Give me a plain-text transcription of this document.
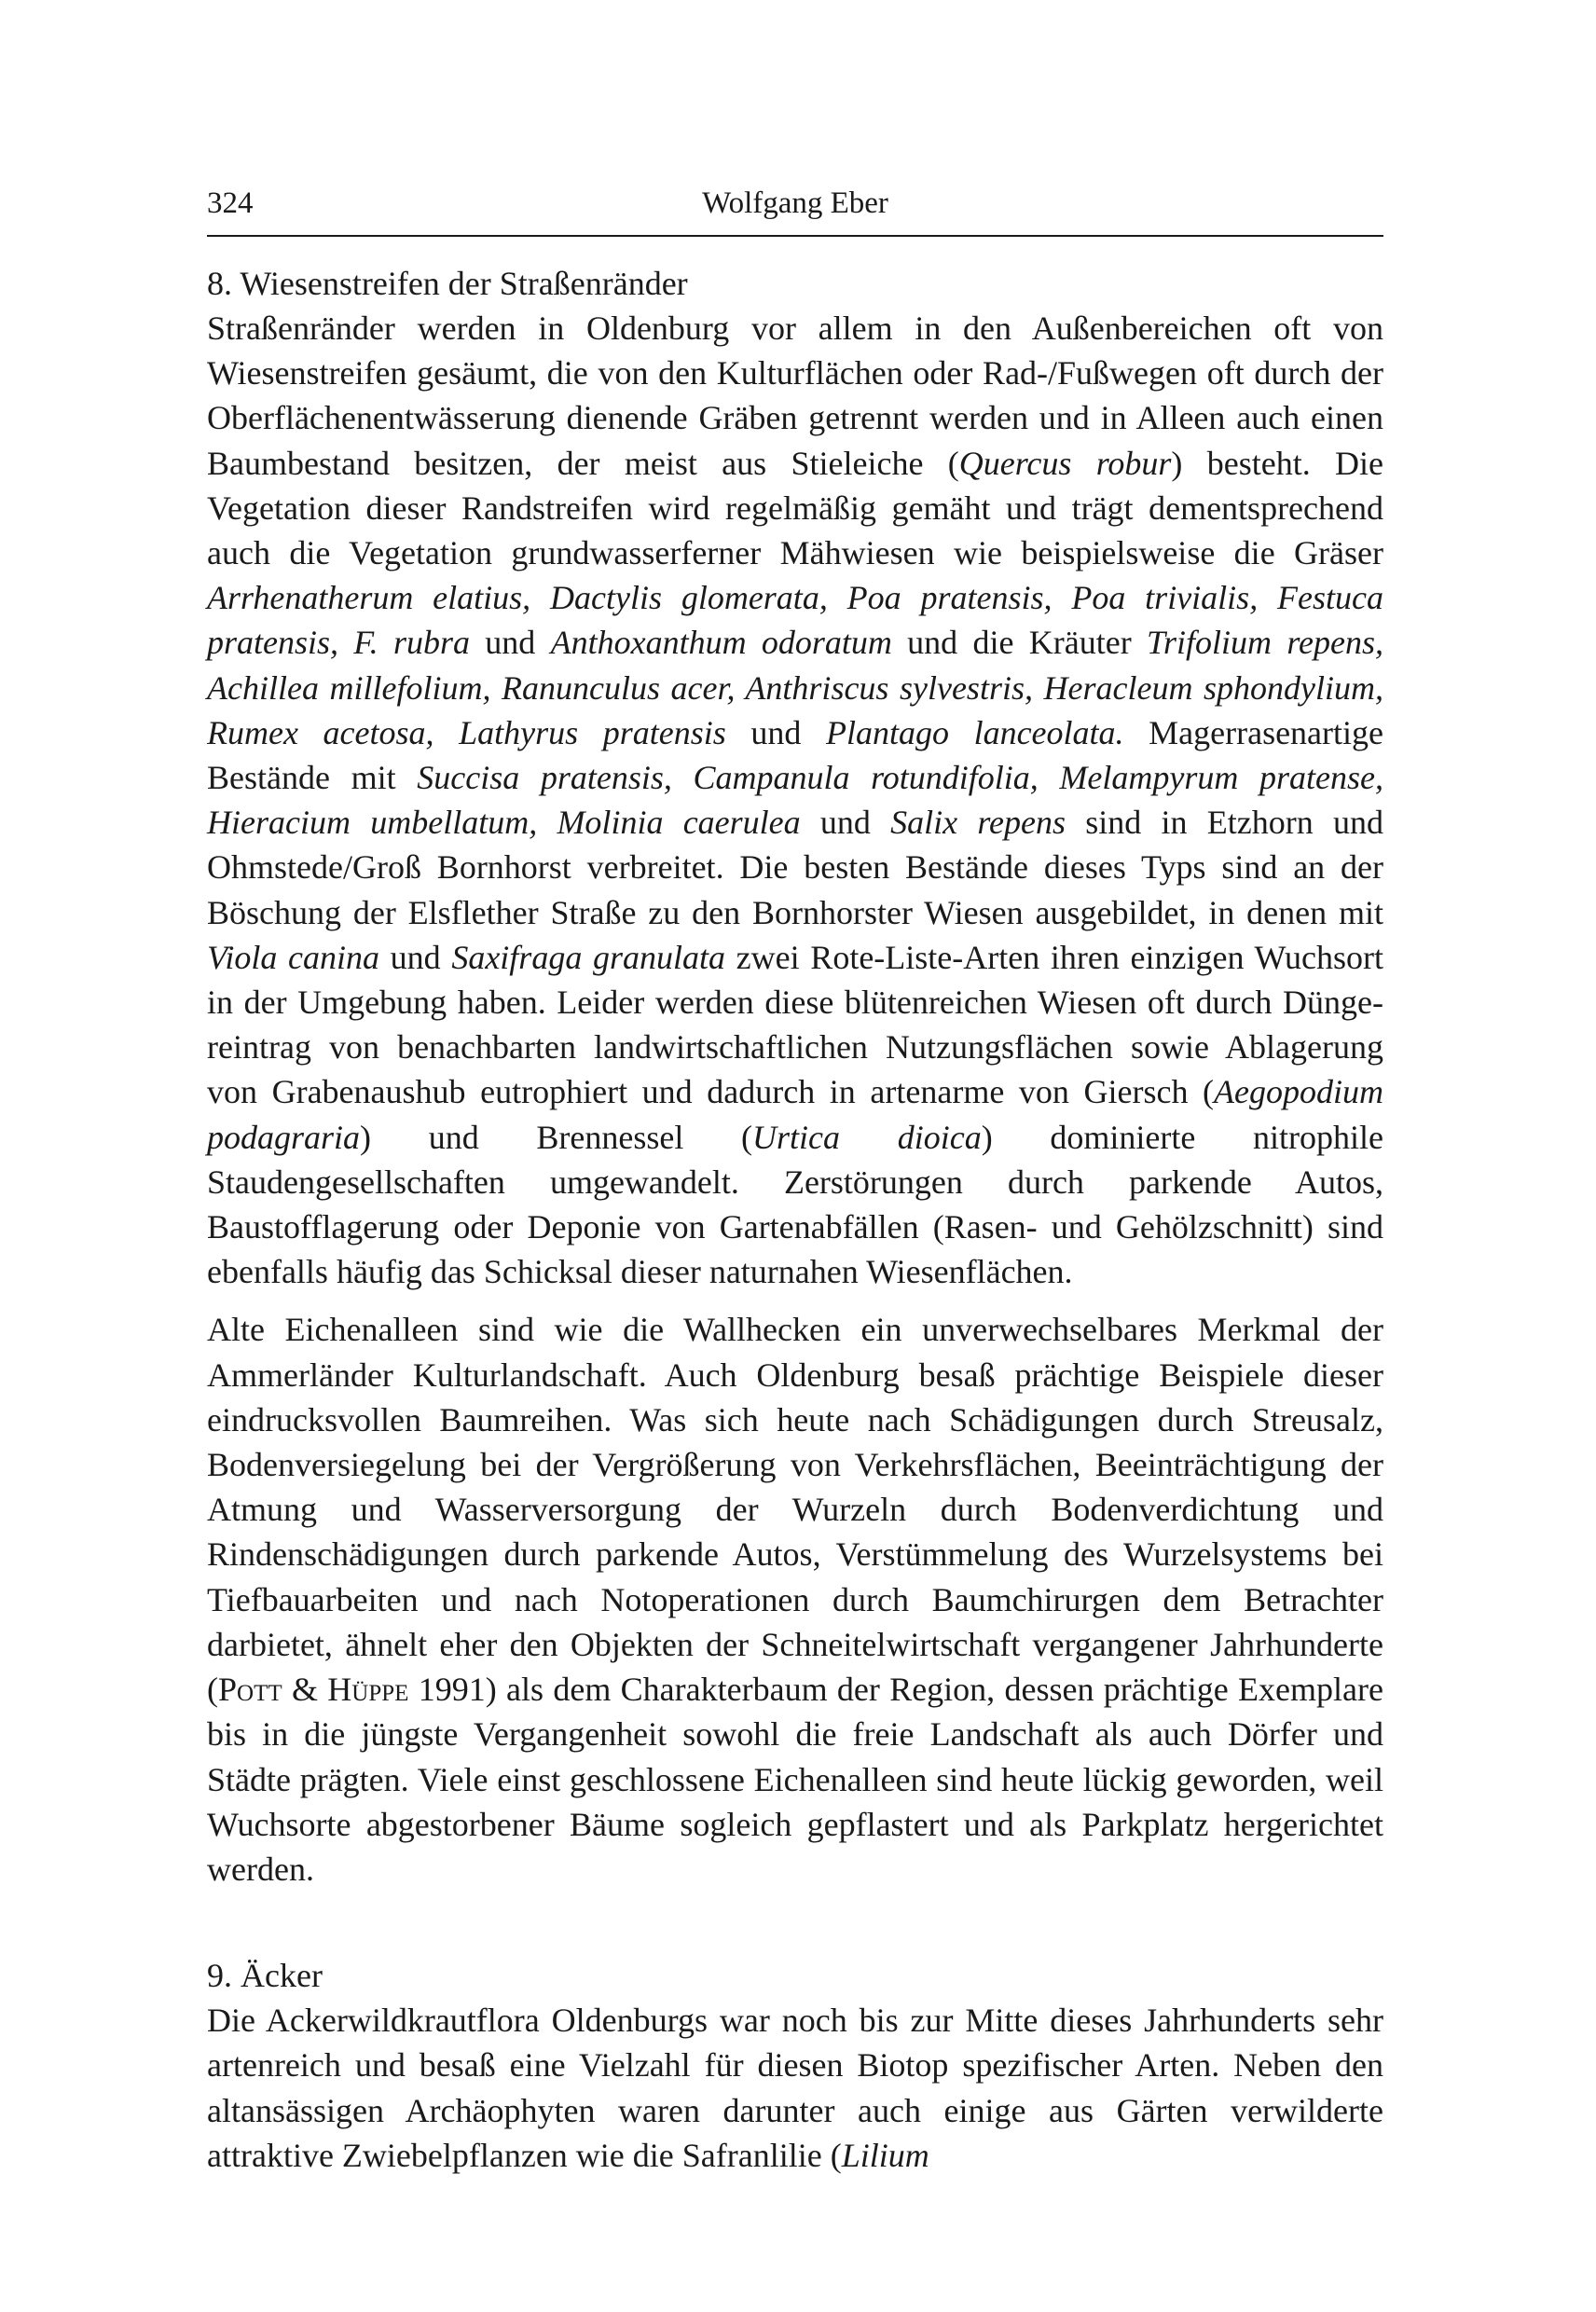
324	Wolfgang Eber
8. Wiesenstreifen der Straßenränder

Straßenränder werden in Oldenburg vor allem in den Außenbereichen oft von Wiesenstreifen gesäumt, die von den Kulturflächen oder Rad-/Fußwegen oft durch der Oberflächenentwässerung dienende Gräben getrennt werden und in Alleen auch einen Baumbestand besitzen, der meist aus Stieleiche (Quercus robur) besteht. Die Vegetation dieser Randstreifen wird regelmäßig gemäht und trägt dementsprechend auch die Vegetation grundwasserferner Mähwiesen wie beispielsweise die Gräser Arrhenatherum elatius, Dactylis glomerata, Poa pratensis, Poa trivialis, Festuca pratensis, F. rubra und Anthoxanthum odoratum und die Kräuter Trifolium repens, Achillea millefolium, Ranunculus acer, Anthriscus sylvestris, Heracleum sphondylium, Rumex acetosa, Lathyrus pratensis und Plantago lanceolata. Magerrasenartige Bestände mit Succisa pratensis, Campanula rotundifolia, Melampyrum pratense, Hieracium umbellatum, Molinia caerulea und Salix repens sind in Etzhorn und Ohmstede/Groß Bornhorst verbreitet. Die besten Bestände dieses Typs sind an der Böschung der Elsflether Straße zu den Bornhorster Wiesen ausgebildet, in denen mit Viola canina und Saxifraga granulata zwei Rote-Liste-Arten ihren einzigen Wuchsort in der Umgebung haben. Leider werden diese blütenreichen Wiesen oft durch Düngereintrag von benachbarten landwirtschaftlichen Nutzungsflächen sowie Ablagerung von Grabenaushub eutrophiert und dadurch in artenarme von Giersch (Aegopodium podagraria) und Brennessel (Urtica dioica) dominierte nitrophile Staudengesellschaften umgewandelt. Zerstörungen durch parkende Autos, Baustofflagerung oder Deponie von Gartenabfällen (Rasen- und Gehölzschnitt) sind ebenfalls häufig das Schicksal dieser naturnahen Wiesenflächen.

Alte Eichenalleen sind wie die Wallhecken ein unverwechselbares Merkmal der Ammerländer Kulturlandschaft. Auch Oldenburg besaß prächtige Beispiele dieser eindrucksvollen Baumreihen. Was sich heute nach Schädigungen durch Streusalz, Bodenversiegelung bei der Vergrößerung von Verkehrsflächen, Beeinträchtigung der Atmung und Wasserversorgung der Wurzeln durch Bodenverdichtung und Rindenschädigungen durch parkende Autos, Verstümmelung des Wurzelsystems bei Tiefbauarbeiten und nach Notoperationen durch Baumchirurgen dem Betrachter darbietet, ähnelt eher den Objekten der Schneitelwirtschaft vergangener Jahrhunderte (Pott & Hüppe 1991) als dem Charakterbaum der Region, dessen prächtige Exemplare bis in die jüngste Vergangenheit sowohl die freie Landschaft als auch Dörfer und Städte prägten. Viele einst geschlossene Eichenalleen sind heute lückig geworden, weil Wuchsorte abgestorbener Bäume sogleich gepflastert und als Parkplatz hergerichtet werden.

9. Äcker

Die Ackerwildkrautflora Oldenburgs war noch bis zur Mitte dieses Jahrhunderts sehr artenreich und besaß eine Vielzahl für diesen Biotop spezifischer Arten. Neben den altansässigen Archäophyten waren darunter auch einige aus Gärten verwilderte attraktive Zwiebelpflanzen wie die Safranlilie (Lilium
